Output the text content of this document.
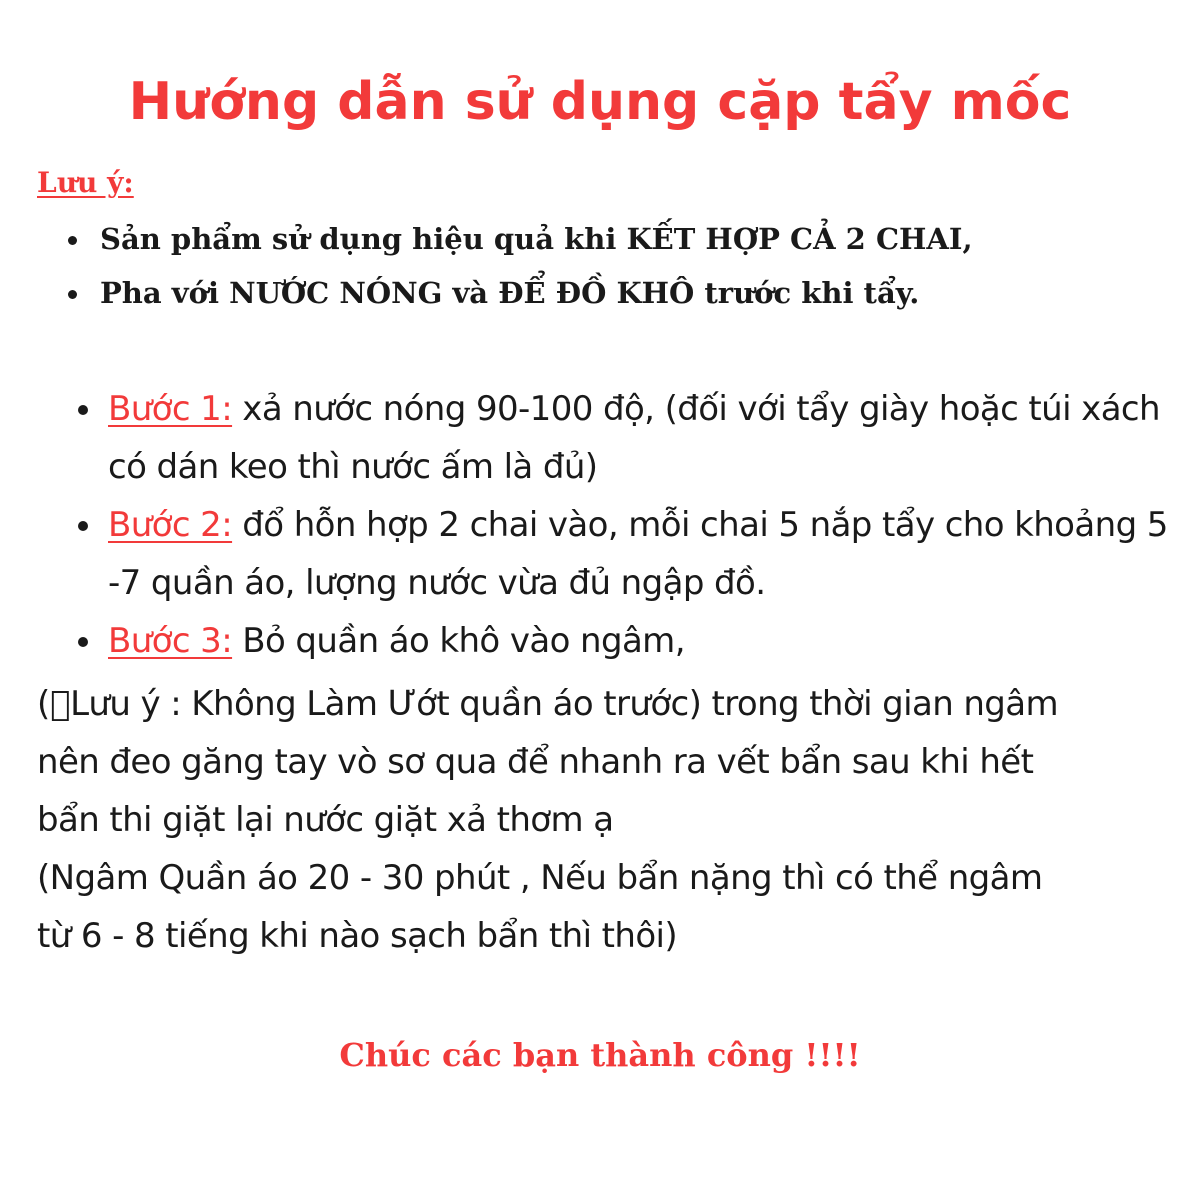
Hướng dẫn sử dụng cặp tẩy mốc

Lưu ý:

Sản phẩm sử dụng hiệu quả khi KẾT HỢP CẢ 2 CHAI,
Pha với NƯỚC NÓNG và ĐỂ ĐỒ KHÔ trước khi tẩy.
Bước 1: xả nước nóng 90-100 độ, (đối với tẩy giày hoặc túi xách có dán keo thì nước ấm là đủ)
Bước 2: đổ hỗn hợp 2 chai vào, mỗi chai 5 nắp tẩy cho khoảng 5 -7 quần áo, lượng nước vừa đủ ngập đồ.
Bước 3: Bỏ quần áo khô vào ngâm,
(⃣Lưu ý : Không Làm Ướt quần áo trước) trong thời gian ngâm
nên đeo găng tay vò sơ qua để nhanh ra vết bẩn sau khi hết
bẩn thi giặt lại nước giặt xả thơm ạ
(Ngâm Quần áo 20 - 30 phút , Nếu bẩn nặng thì có thể ngâm
từ 6 - 8 tiếng khi nào sạch bẩn thì thôi)

Chúc các bạn thành công !!!!
